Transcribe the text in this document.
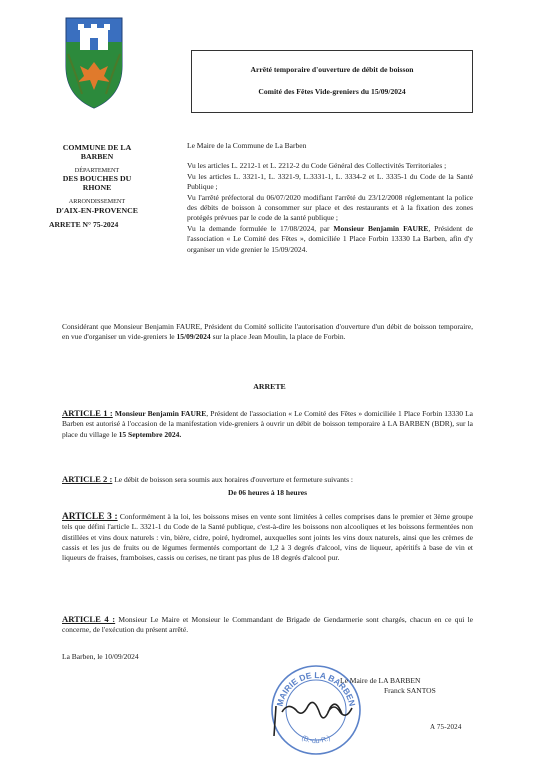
Arrêté temporaire d'ouverture de débit de boisson
Comité des Fêtes Vide-greniers du 15/09/2024
COMMUNE DE LA
BARBEN
DÉPARTEMENT
DES BOUCHES DU
RHONE
ARRONDISSEMENT
D'AIX-EN-PROVENCE
ARRETE N° 75-2024

Le Maire de la Commune de La Barben

Vu les articles L. 2212-1 et L. 2212-2 du Code Général des Collectivités Territoriales ;

Vu les articles L. 3321-1, L. 3321-9, L.3331-1, L. 3334-2 et L. 3335-1 du Code de la Santé Publique ;

Vu l'arrêté préfectoral du 06/07/2020 modifiant l'arrêté du 23/12/2008 réglementant la police des débits de boisson à consommer sur place et des restaurants et à la fixation des zones protégés prévues par le code de la santé publique ;

Vu la demande formulée le 17/08/2024, par Monsieur Benjamin FAURE, Président de l'association « Le Comité des Fêtes », domiciliée 1 Place Forbin 13330 La Barben, afin d'y organiser un vide grenier le 15/09/2024.

Considérant que Monsieur Benjamin FAURE, Président du Comité sollicite l'autorisation d'ouverture d'un débit de boisson temporaire, en vue d'organiser un vide-greniers le 15/09/2024 sur la place Jean Moulin, la place de Forbin.

ARRETE

ARTICLE 1 : Monsieur Benjamin FAURE, Président de l'association « Le Comité des Fêtes » domiciliée 1 Place Forbin 13330 La Barben est autorisé à l'occasion de la manifestation vide-greniers à ouvrir un débit de boisson temporaire à LA BARBEN (BDR), sur la place du village le 15 Septembre 2024.

ARTICLE 2 : Le débit de boisson sera soumis aux horaires d'ouverture et fermeture suivants :

De 06 heures à 18 heures

ARTICLE 3 : Conformément à la loi, les boissons mises en vente sont limitées à celles comprises dans le premier et 3ème groupe tels que défini l'article L. 3321-1 du Code de la Santé publique, c'est-à-dire les boissons non alcooliques et les boissons fermentées non distillées et vins doux naturels : vin, bière, cidre, poiré, hydromel, auxquelles sont joints les vins doux naturels, ainsi que les crèmes de cassis et les jus de fruits ou de légumes fermentés comportant de 1,2 à 3 degrés d'alcool, vins de liqueur, apéritifs à base de vin et liqueurs de fraises, framboises, cassis ou cerises, ne tirant pas plus de 18 degrés d'alcool pur.

ARTICLE 4 : Monsieur Le Maire et Monsieur le Commandant de Brigade de Gendarmerie sont chargés, chacun en ce qui le concerne, de l'exécution du présent arrêté.

La Barben, le 10/09/2024
MAIRIE DE LA BARBEN
(B.-du-R.)
Le Maire de LA BARBEN
Franck SANTOS
A 75-2024
